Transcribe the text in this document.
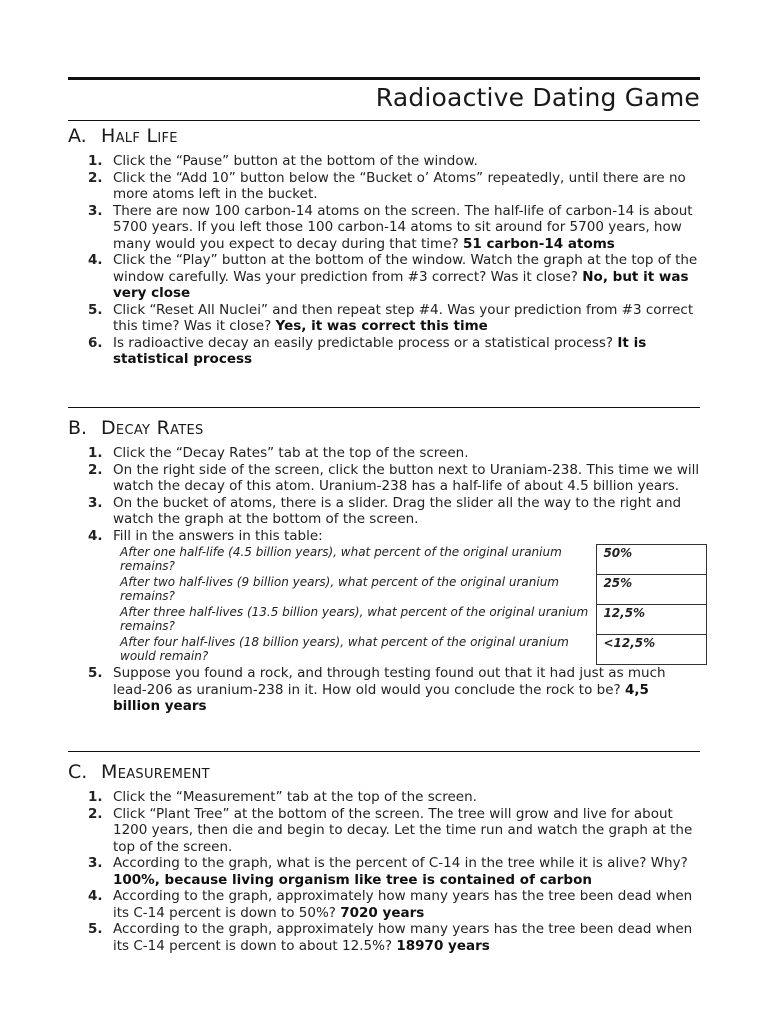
Radioactive Dating Game
A. Half Life
1. Click the “Pause” button at the bottom of the window.
2. Click the “Add 10” button below the “Bucket o’ Atoms” repeatedly, until there are no more atoms left in the bucket.
3. There are now 100 carbon-14 atoms on the screen. The half-life of carbon-14 is about 5700 years. If you left those 100 carbon-14 atoms to sit around for 5700 years, how many would you expect to decay during that time? 51 carbon-14 atoms
4. Click the “Play” button at the bottom of the window. Watch the graph at the top of the window carefully. Was your prediction from #3 correct? Was it close? No, but it was very close
5. Click “Reset All Nuclei” and then repeat step #4. Was your prediction from #3 correct this time? Was it close? Yes, it was correct this time
6. Is radioactive decay an easily predictable process or a statistical process? It is statistical process
B. Decay Rates
1. Click the “Decay Rates” tab at the top of the screen.
2. On the right side of the screen, click the button next to Uraniam-238. This time we will watch the decay of this atom. Uranium-238 has a half-life of about 4.5 billion years.
3. On the bucket of atoms, there is a slider. Drag the slider all the way to the right and watch the graph at the bottom of the screen.
4. Fill in the answers in this table:
After one half-life (4.5 billion years), what percent of the original uranium remains?	50%
After two half-lives (9 billion years), what percent of the original uranium remains?	25%
After three half-lives (13.5 billion years), what percent of the original uranium remains?	12,5%
After four half-lives (18 billion years), what percent of the original uranium would remain?	<12,5%
5. Suppose you found a rock, and through testing found out that it had just as much lead-206 as uranium-238 in it. How old would you conclude the rock to be? 4,5 billion years
C. Measurement
1. Click the “Measurement” tab at the top of the screen.
2. Click “Plant Tree” at the bottom of the screen. The tree will grow and live for about 1200 years, then die and begin to decay. Let the time run and watch the graph at the top of the screen.
3. According to the graph, what is the percent of C-14 in the tree while it is alive? Why? 100%, because living organism like tree is contained of carbon
4. According to the graph, approximately how many years has the tree been dead when its C-14 percent is down to 50%? 7020 years
5. According to the graph, approximately how many years has the tree been dead when its C-14 percent is down to about 12.5%? 18970 years
